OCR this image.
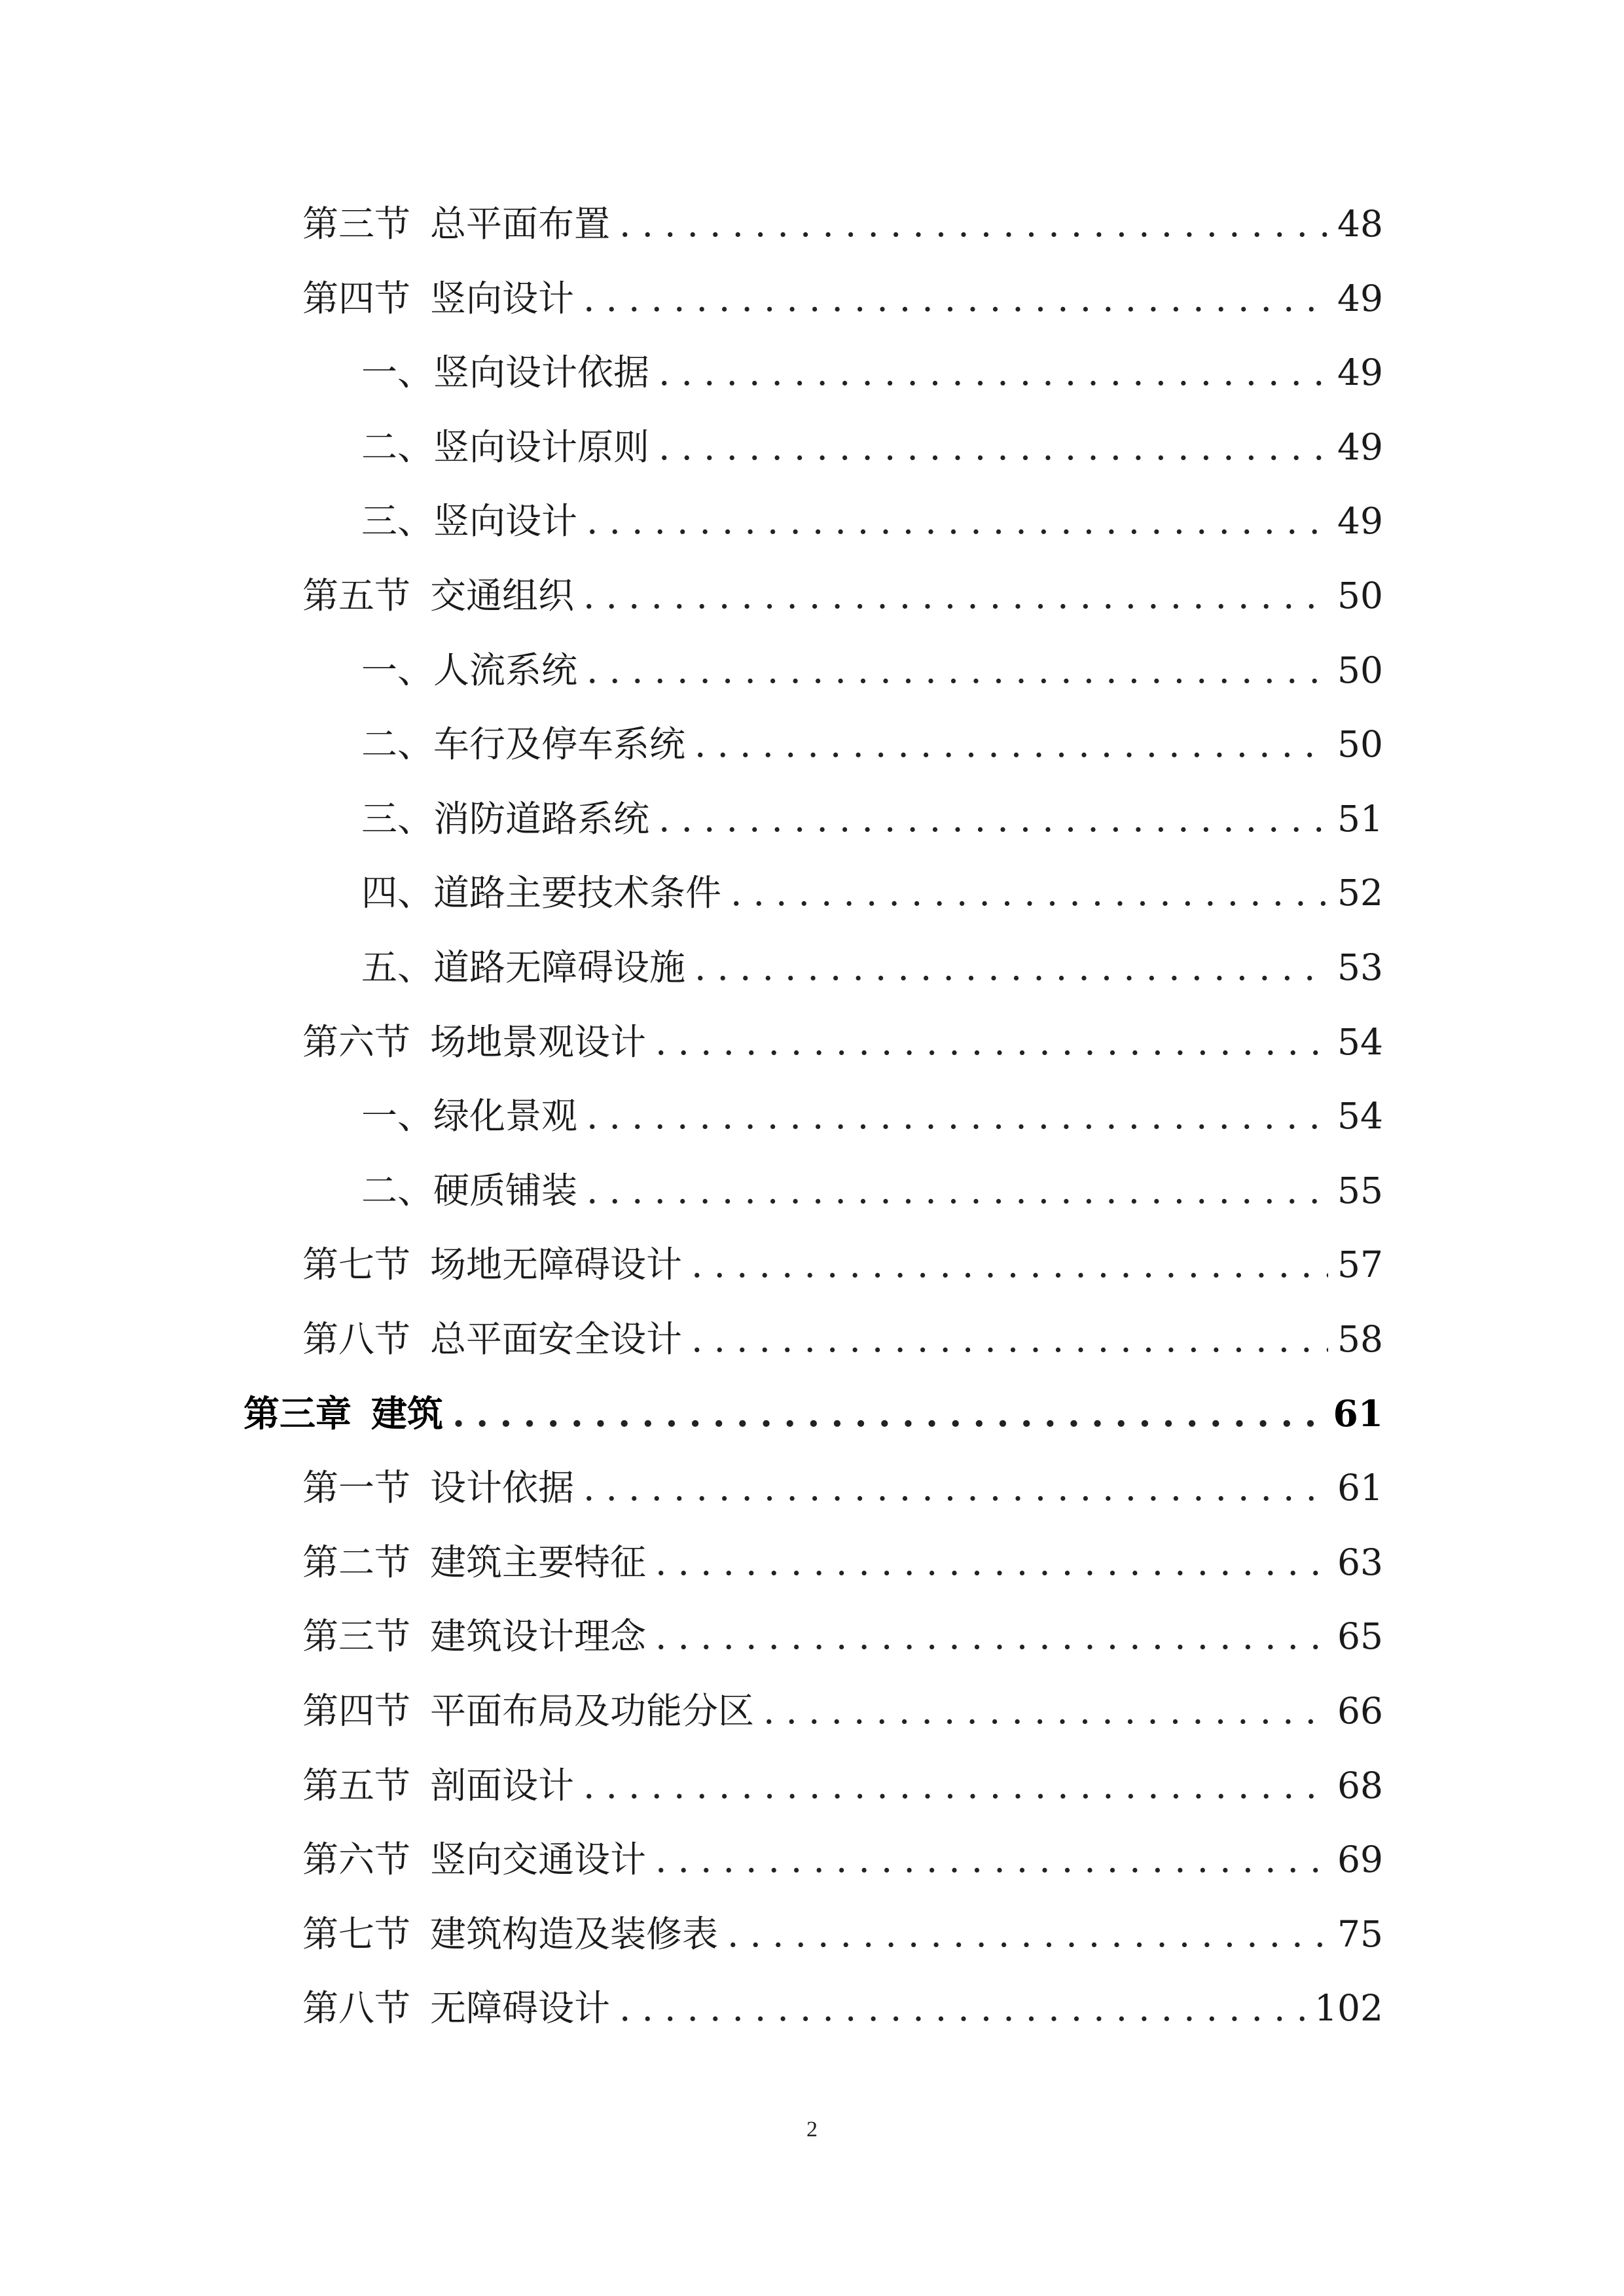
第三节 总平面布置 .....	48
第四节 竖向设计 .....	49
一、竖向设计依据 .....	49
二、竖向设计原则 .....	49
三、竖向设计 .....	49
第五节 交通组织 .....	50
一、人流系统 .....	50
二、车行及停车系统 .....	50
三、消防道路系统 .....	51
四、道路主要技术条件 .....	52
五、道路无障碍设施 .....	53
第六节 场地景观设计 .....	54
一、绿化景观 .....	54
二、硬质铺装 .....	55
第七节 场地无障碍设计 .....	57
第八节 总平面安全设计 .....	58
第三章 建筑 .....	61
第一节 设计依据 .....	61
第二节 建筑主要特征 .....	63
第三节 建筑设计理念 .....	65
第四节 平面布局及功能分区 .....	66
第五节 剖面设计 .....	68
第六节 竖向交通设计 .....	69
第七节 建筑构造及装修表 .....	75
第八节 无障碍设计 .....	102
2
